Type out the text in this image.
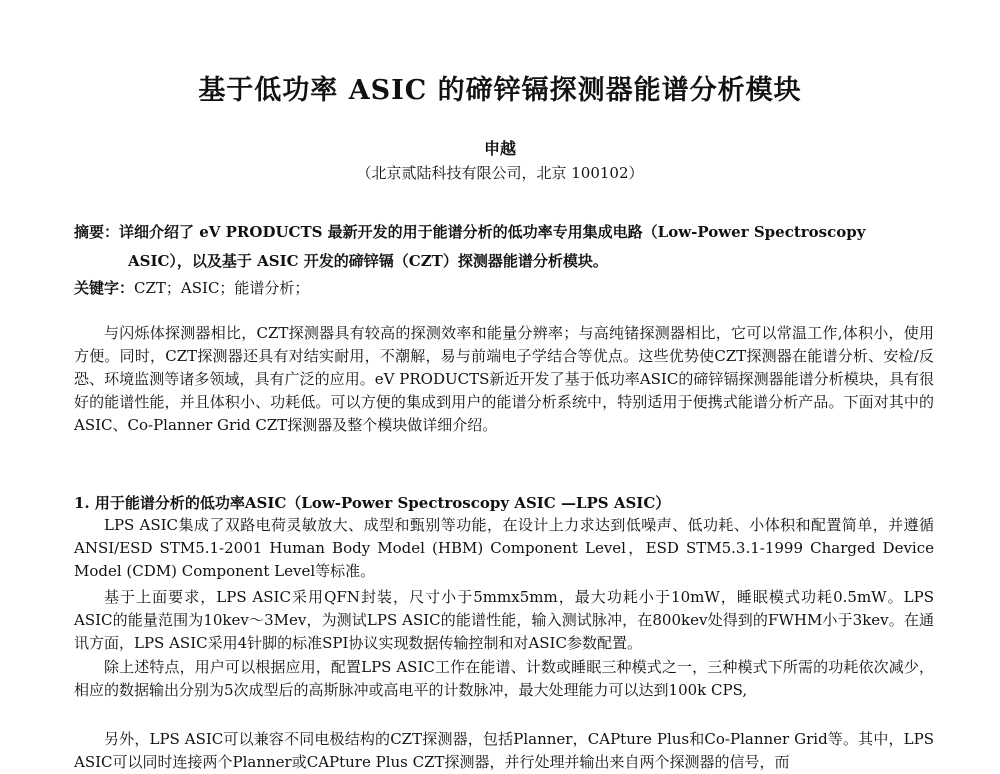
基于低功率 ASIC 的碲锌镉探测器能谱分析模块
申越
（北京贰陆科技有限公司，北京 100102）
摘要：详细介绍了 eV PRODUCTS 最新开发的用于能谱分析的低功率专用集成电路（Low-Power Spectroscopy ASIC），以及基于 ASIC 开发的碲锌镉（CZT）探测器能谱分析模块。
关键字：CZT；ASIC；能谱分析；
与闪烁体探测器相比，CZT探测器具有较高的探测效率和能量分辨率；与高纯锗探测器相比，它可以常温工作,体积小，使用方便。同时，CZT探测器还具有对结实耐用，不潮解，易与前端电子学结合等优点。这些优势使CZT探测器在能谱分析、安检/反恐、环境监测等诸多领域，具有广泛的应用。eV PRODUCTS新近开发了基于低功率ASIC的碲锌镉探测器能谱分析模块，具有很好的能谱性能，并且体积小、功耗低。可以方便的集成到用户的能谱分析系统中，特别适用于便携式能谱分析产品。下面对其中的ASIC、Co-Planner Grid CZT探测器及整个模块做详细介绍。
1. 用于能谱分析的低功率ASIC（Low-Power Spectroscopy ASIC —LPS ASIC）
LPS ASIC集成了双路电荷灵敏放大、成型和甄别等功能，在设计上力求达到低噪声、低功耗、小体积和配置简单，并遵循ANSI/ESD STM5.1-2001 Human Body Model (HBM) Component Level，ESD STM5.3.1-1999 Charged Device Model (CDM) Component Level等标准。
基于上面要求，LPS ASIC采用QFN封装，尺寸小于5mmx5mm，最大功耗小于10mW，睡眠模式功耗0.5mW。LPS ASIC的能量范围为10kev～3Mev，为测试LPS ASIC的能谱性能，输入测试脉冲，在800kev处得到的FWHM小于3kev。在通讯方面，LPS ASIC采用4针脚的标准SPI协议实现数据传输控制和对ASIC参数配置。
除上述特点，用户可以根据应用，配置LPS ASIC工作在能谱、计数或睡眠三种模式之一，三种模式下所需的功耗依次减少，相应的数据输出分别为5次成型后的高斯脉冲或高电平的计数脉冲，最大处理能力可以达到100k CPS,
另外，LPS ASIC可以兼容不同电极结构的CZT探测器，包括Planner，CAPture Plus和Co-Planner Grid等。其中，LPS ASIC可以同时连接两个Planner或CAPture Plus CZT探测器，并行处理并输出来自两个探测器的信号，而
